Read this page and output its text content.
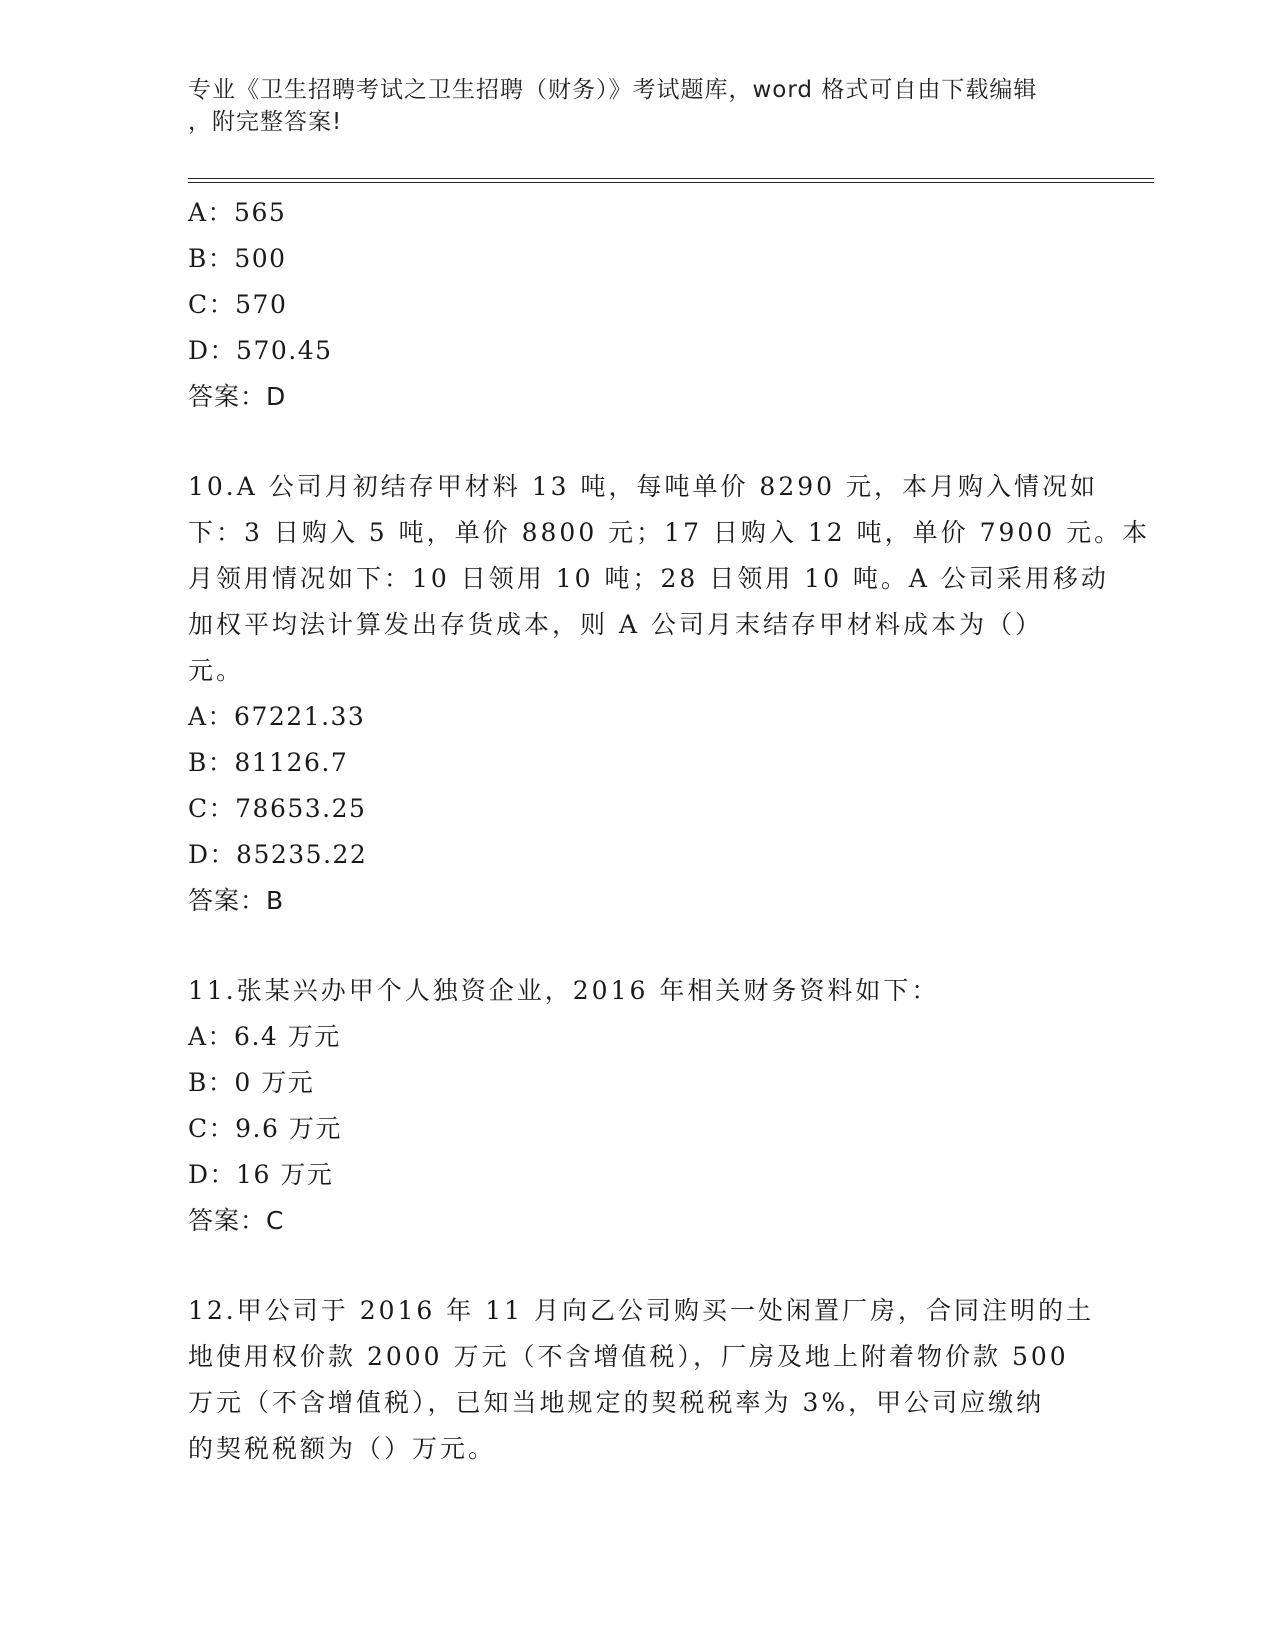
专业《卫生招聘考试之卫生招聘（财务）》考试题库，word 格式可自由下载编辑
，附完整答案!
A：565
B：500
C：570
D：570.45
答案：D
10.A 公司月初结存甲材料 13 吨，每吨单价 8290 元，本月购入情况如
下：3 日购入 5 吨，单价 8800 元；17 日购入 12 吨，单价 7900 元。本
月领用情况如下：10 日领用 10 吨；28 日领用 10 吨。A 公司采用移动
加权平均法计算发出存货成本，则 A 公司月末结存甲材料成本为（）
元。
A：67221.33
B：81126.7
C：78653.25
D：85235.22
答案：B
11.张某兴办甲个人独资企业，2016 年相关财务资料如下：
A：6.4 万元
B：0 万元
C：9.6 万元
D：16 万元
答案：C
12.甲公司于 2016 年 11 月向乙公司购买一处闲置厂房，合同注明的土
地使用权价款 2000 万元（不含增值税），厂房及地上附着物价款 500
万元（不含增值税），已知当地规定的契税税率为 3%，甲公司应缴纳
的契税税额为（）万元。
